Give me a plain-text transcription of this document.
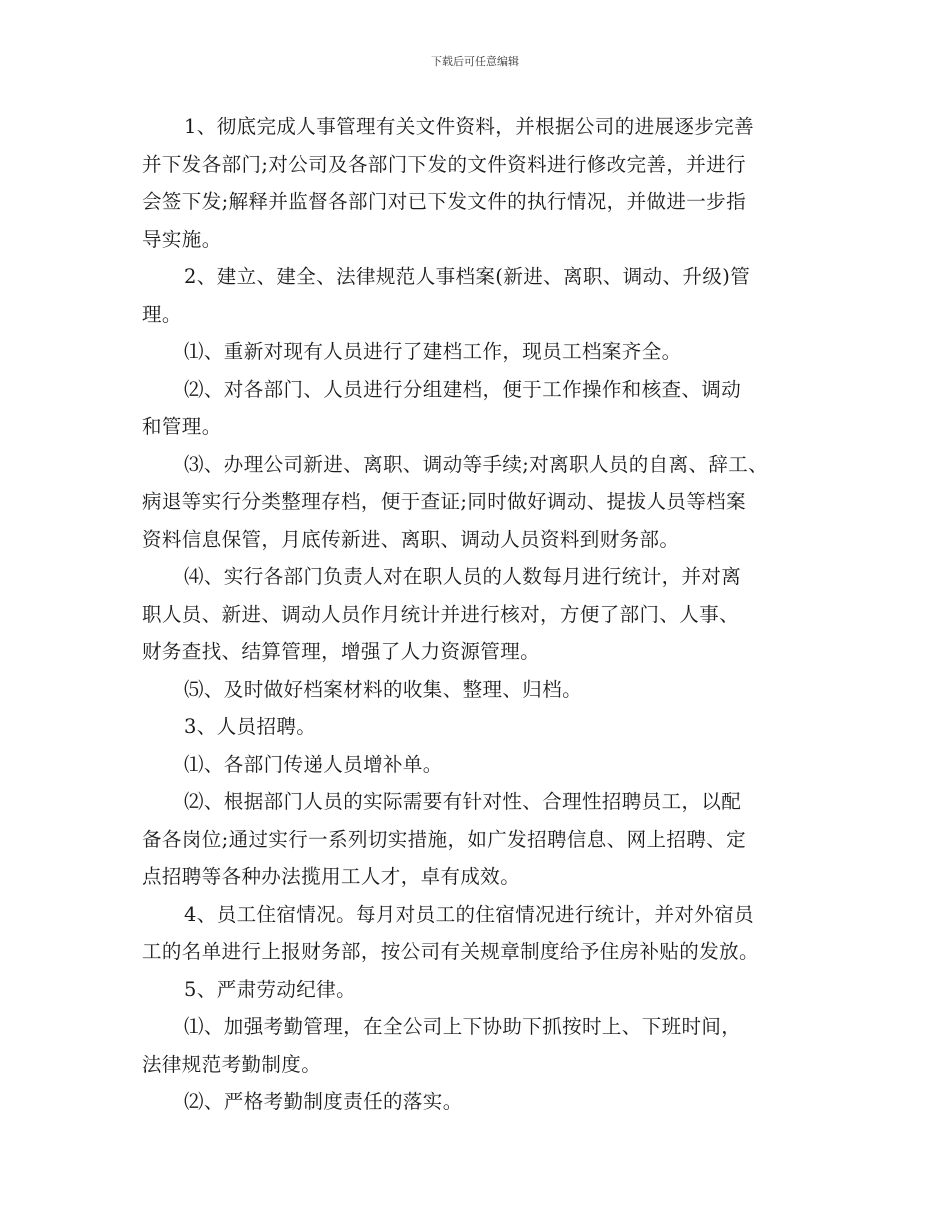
下载后可任意编辑
1、彻底完成人事管理有关文件资料，并根据公司的进展逐步完善
并下发各部门;对公司及各部门下发的文件资料进行修改完善，并进行
会签下发;解释并监督各部门对已下发文件的执行情况，并做进一步指
导实施。
2、建立、建全、法律规范人事档案(新进、离职、调动、升级)管
理。
⑴、重新对现有人员进行了建档工作，现员工档案齐全。
⑵、对各部门、人员进行分组建档，便于工作操作和核查、调动
和管理。
⑶、办理公司新进、离职、调动等手续;对离职人员的自离、辞工、
病退等实行分类整理存档，便于查证;同时做好调动、提拔人员等档案
资料信息保管，月底传新进、离职、调动人员资料到财务部。
⑷、实行各部门负责人对在职人员的人数每月进行统计，并对离
职人员、新进、调动人员作月统计并进行核对，方便了部门、人事、
财务查找、结算管理，增强了人力资源管理。
⑸、及时做好档案材料的收集、整理、归档。
3、人员招聘。
⑴、各部门传递人员增补单。
⑵、根据部门人员的实际需要有针对性、合理性招聘员工，以配
备各岗位;通过实行一系列切实措施，如广发招聘信息、网上招聘、定
点招聘等各种办法揽用工人才，卓有成效。
4、员工住宿情况。每月对员工的住宿情况进行统计，并对外宿员
工的名单进行上报财务部，按公司有关规章制度给予住房补贴的发放。
5、严肃劳动纪律。
⑴、加强考勤管理，在全公司上下协助下抓按时上、下班时间，
法律规范考勤制度。
⑵、严格考勤制度责任的落实。
